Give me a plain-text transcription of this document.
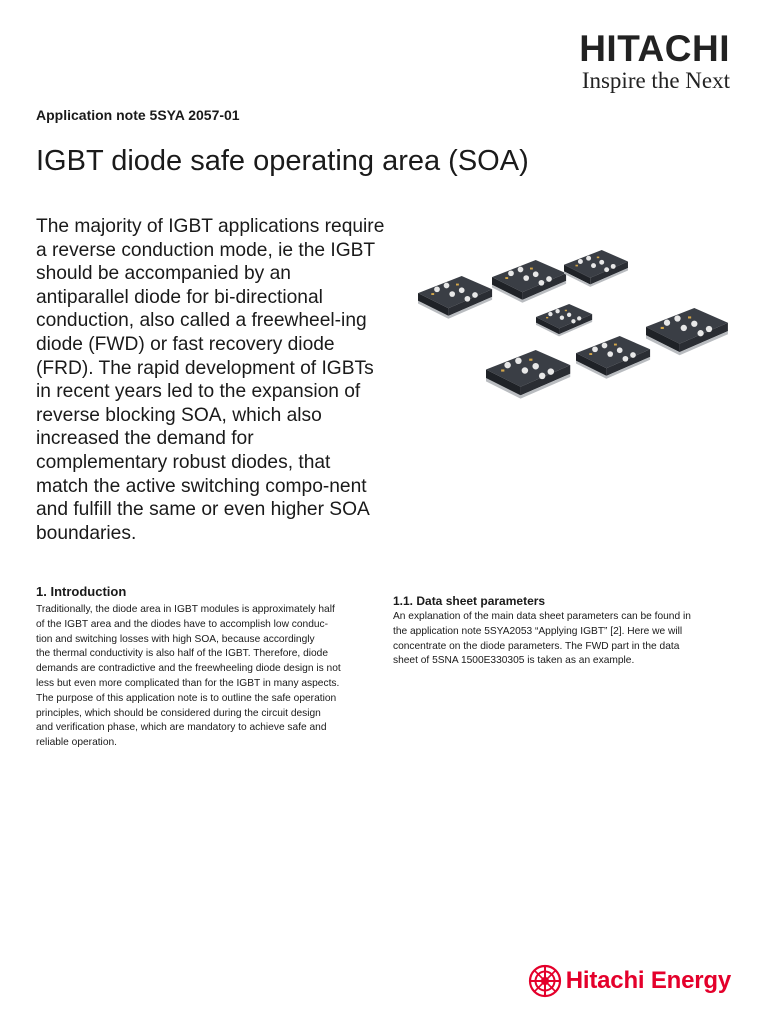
HITACHI
Inspire the Next
Application note 5SYA 2057-01
IGBT diode safe operating area (SOA)

The majority of IGBT applications require a reverse conduction mode, ie the IGBT should be accompanied by an antiparallel diode for bi-directional conduction, also called a freewheel-ing diode (FWD) or fast recovery diode (FRD). The rapid development of IGBTs in recent years led to the expansion of reverse blocking SOA, which also increased the demand for complementary robust diodes, that match the active switching compo-nent and fulfill the same or even higher SOA boundaries.

1. Introduction

Traditionally, the diode area in IGBT modules is approximately half
of the IGBT area and the diodes have to accomplish low conduc-
tion and switching losses with high SOA, because accordingly
the thermal conductivity is also half of the IGBT. Therefore, diode
demands are contradictive and the freewheeling diode design is not
less but even more complicated than for the IGBT in many aspects.
The purpose of this application note is to outline the safe operation
principles, which should be considered during the circuit design
and verification phase, which are mandatory to achieve safe and
reliable operation.

1.1. Data sheet parameters

An explanation of the main data sheet parameters can be found in
the application note 5SYA2053 “Applying IGBT” [2]. Here we will
concentrate on the diode parameters. The FWD part in the data
sheet of 5SNA 1500E330305 is taken as an example.

Hitachi Energy
